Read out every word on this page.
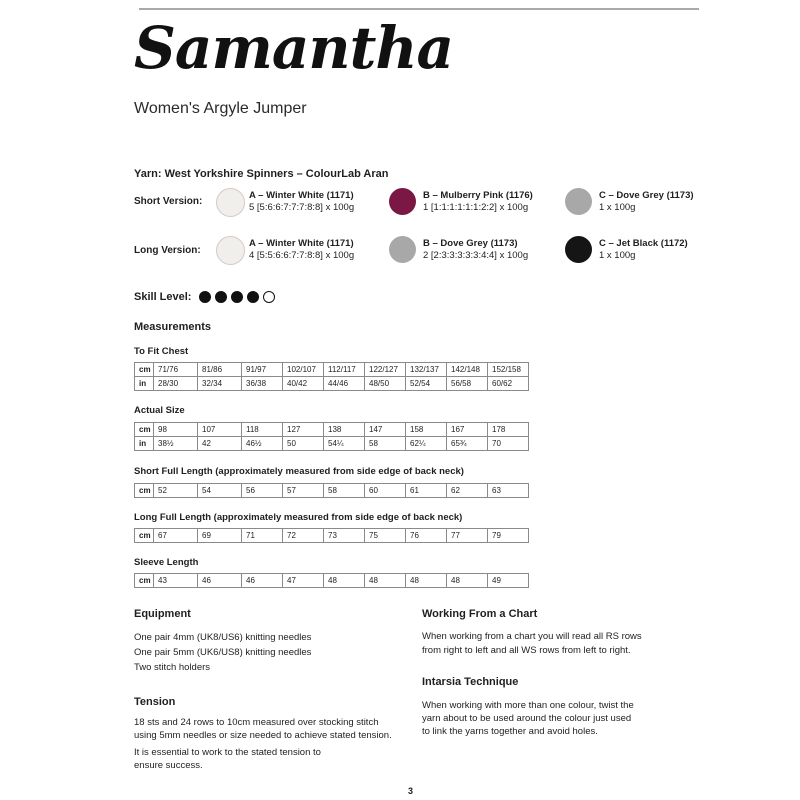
Samantha
Women's Argyle Jumper
Yarn: West Yorkshire Spinners – ColourLab Aran
Short Version:
A – Winter White (1171)
5 [5:6:6:7:7:7:8:8] x 100g
B – Mulberry Pink (1176)
1 [1:1:1:1:1:1:2:2] x 100g
C – Dove Grey (1173)
1 x 100g
Long Version:
A – Winter White (1171)
4 [5:5:6:6:7:7:8:8] x 100g
B – Dove Grey (1173)
2 [2:3:3:3:3:3:4:4] x 100g
C – Jet Black (1172)
1 x 100g
Skill Level:
Measurements
To Fit Chest
cm	71/76	81/86	91/97	102/107	112/117	122/127	132/137	142/148	152/158
in	28/30	32/34	36/38	40/42	44/46	48/50	52/54	56/58	60/62
Actual Size
cm	98	107	118	127	138	147	158	167	178
in	38½	42	46½	50	54¼	58	62¼	65¾	70
Short Full Length (approximately measured from side edge of back neck)
cm	52	54	56	57	58	60	61	62	63
Long Full Length (approximately measured from side edge of back neck)
cm	67	69	71	72	73	75	76	77	79
Sleeve Length
cm	43	46	46	47	48	48	48	48	49
Equipment
One pair 4mm (UK8/US6) knitting needles
One pair 5mm (UK6/US8) knitting needles
Two stitch holders
Tension
18 sts and 24 rows to 10cm measured over stocking stitch
using 5mm needles or size needed to achieve stated tension.
It is essential to work to the stated tension to
ensure success.
Working From a Chart
When working from a chart you will read all RS rows
from right to left and all WS rows from left to right.
Intarsia Technique
When working with more than one colour, twist the
yarn about to be used around the colour just used
to link the yarns together and avoid holes.
3
